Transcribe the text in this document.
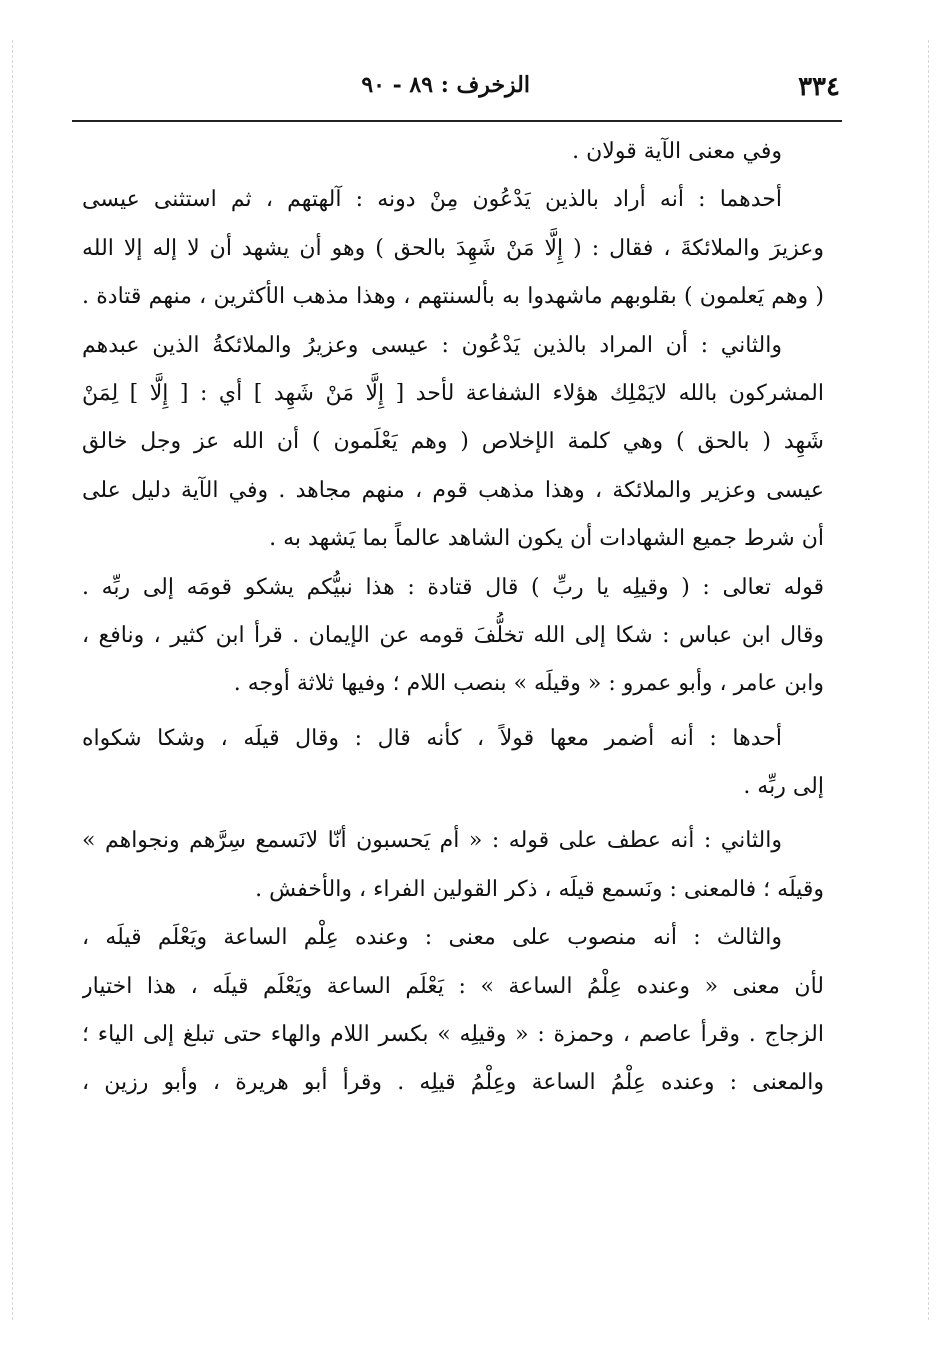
٣٣٤
الزخرف : ٨٩ - ٩٠
وفي معنى الآية قولان .
أحدهما : أنه أراد بالذين يَدْعُون مِنْ دونه : آلهتهم ، ثم استثنى عيسى
وعزيرَ والملائكةَ ، فقال : ( إِلَّا مَنْ شَهِدَ بالحق ) وهو أن يشهد أن لا إله إلا الله
( وهم يَعلمون ) بقلوبهم ماشهدوا به بألسنتهم ، وهذا مذهب الأكثرين ، منهم قتادة .
والثاني : أن المراد بالذين يَدْعُون : عيسى وعزيرُ والملائكةُ الذين عبدهم
المشركون بالله لايَمْلِك هؤلاء الشفاعة لأحد [ إِلَّا مَنْ شَهِد ] أي : [ إِلَّا ] لِمَنْ
شَهِد ( بالحق ) وهي كلمة الإخلاص ( وهم يَعْلَمون ) أن الله عز وجل خالق
عيسى وعزير والملائكة ، وهذا مذهب قوم ، منهم مجاهد . وفي الآية دليل على
أن شرط جميع الشهادات أن يكون الشاهد عالماً بما يَشهد به .
قوله تعالى : ( وقيلِه يا ربِّ ) قال قتادة : هذا نبيُّكم يشكو قومَه إلى ربِّه .
وقال ابن عباس : شكا إلى الله تخلُّفَ قومه عن الإيمان . قرأ ابن كثير ، ونافع ،
وابن عامر ، وأبو عمرو : « وقيلَه » بنصب اللام ؛ وفيها ثلاثة أوجه .
أحدها : أنه أضمر معها قولاً ، كأنه قال : وقال قيلَه ، وشكا شكواه
إلى ربِّه .
والثاني : أنه عطف على قوله : « أم يَحسبون أنّا لانَسمع سِرَّهم ونجواهم »
وقيلَه ؛ فالمعنى : ونَسمع قيلَه ، ذكر القولين الفراء ، والأخفش .
والثالث : أنه منصوب على معنى : وعنده عِلْم الساعة ويَعْلَم قيلَه ،
لأن معنى « وعنده عِلْمُ الساعة » : يَعْلَم الساعة ويَعْلَم قيلَه ، هذا اختيار
الزجاج . وقرأ عاصم ، وحمزة : « وقيلِه » بكسر اللام والهاء حتى تبلغ إلى الياء ؛
والمعنى : وعنده عِلْمُ الساعة وعِلْمُ قيلِه . وقرأ أبو هريرة ، وأبو رزين ،
